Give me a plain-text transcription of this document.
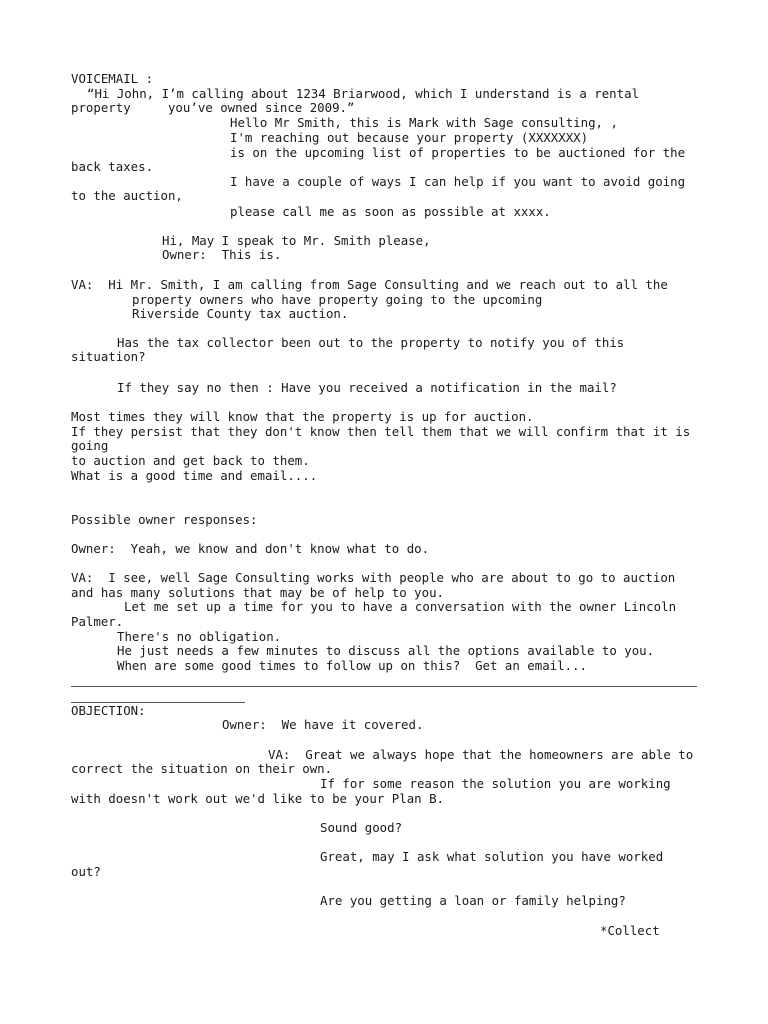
VOICEMAIL :

“Hi John, I’m calling about 1234 Briarwood, which I understand is a rental

property     you’ve owned since 2009.”

Hello Mr Smith, this is Mark with Sage consulting, ,

I'm reaching out because your property (XXXXXXX)

is on the upcoming list of properties to be auctioned for the

back taxes.

I have a couple of ways I can help if you want to avoid going

to the auction,

please call me as soon as possible at xxxx.

Hi, May I speak to Mr. Smith please,

Owner:  This is.

VA:  Hi Mr. Smith, I am calling from Sage Consulting and we reach out to all the

property owners who have property going to the upcoming

Riverside County tax auction.

Has the tax collector been out to the property to notify you of this

situation?

If they say no then : Have you received a notification in the mail?

Most times they will know that the property is up for auction.

If they persist that they don't know then tell them that we will confirm that it is

going

to auction and get back to them.

What is a good time and email....

Possible owner responses:

Owner:  Yeah, we know and don't know what to do.

VA:  I see, well Sage Consulting works with people who are about to go to auction

and has many solutions that may be of help to you.

Let me set up a time for you to have a conversation with the owner Lincoln

Palmer.

There's no obligation.

He just needs a few minutes to discuss all the options available to you.

When are some good times to follow up on this?  Get an email...

OBJECTION:

Owner:  We have it covered.

VA:  Great we always hope that the homeowners are able to

correct the situation on their own.

If for some reason the solution you are working

with doesn't work out we'd like to be your Plan B.

Sound good?

Great, may I ask what solution you have worked

out?

Are you getting a loan or family helping?

*Collect
